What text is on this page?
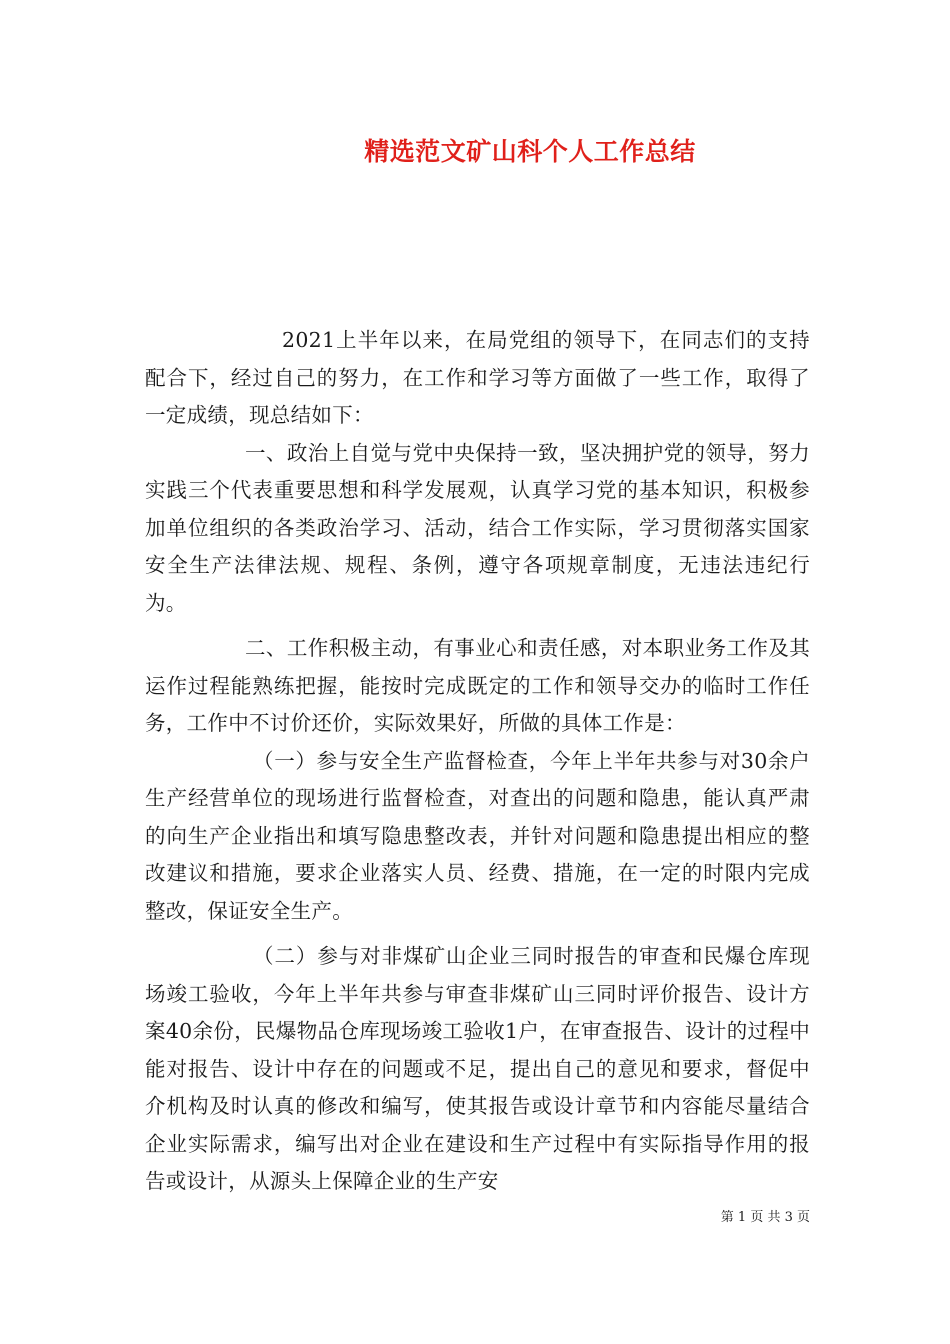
精选范文矿山科个人工作总结

2021上半年以来，在局党组的领导下，在同志们的支持配合下，经过自己的努力，在工作和学习等方面做了一些工作，取得了一定成绩，现总结如下：

一、政治上自觉与党中央保持一致，坚决拥护党的领导，努力实践三个代表重要思想和科学发展观，认真学习党的基本知识，积极参加单位组织的各类政治学习、活动，结合工作实际，学习贯彻落实国家安全生产法律法规、规程、条例，遵守各项规章制度，无违法违纪行为。

二、工作积极主动，有事业心和责任感，对本职业务工作及其运作过程能熟练把握，能按时完成既定的工作和领导交办的临时工作任务，工作中不讨价还价，实际效果好，所做的具体工作是：

（一）参与安全生产监督检查，今年上半年共参与对30余户生产经营单位的现场进行监督检查，对查出的问题和隐患，能认真严肃的向生产企业指出和填写隐患整改表，并针对问题和隐患提出相应的整改建议和措施，要求企业落实人员、经费、措施，在一定的时限内完成整改，保证安全生产。

（二）参与对非煤矿山企业三同时报告的审查和民爆仓库现场竣工验收，今年上半年共参与审查非煤矿山三同时评价报告、设计方案40余份，民爆物品仓库现场竣工验收1户，在审查报告、设计的过程中能对报告、设计中存在的问题或不足，提出自己的意见和要求，督促中介机构及时认真的修改和编写，使其报告或设计章节和内容能尽量结合企业实际需求，编写出对企业在建设和生产过程中有实际指导作用的报告或设计，从源头上保障企业的生产安

第 1 页 共 3 页
